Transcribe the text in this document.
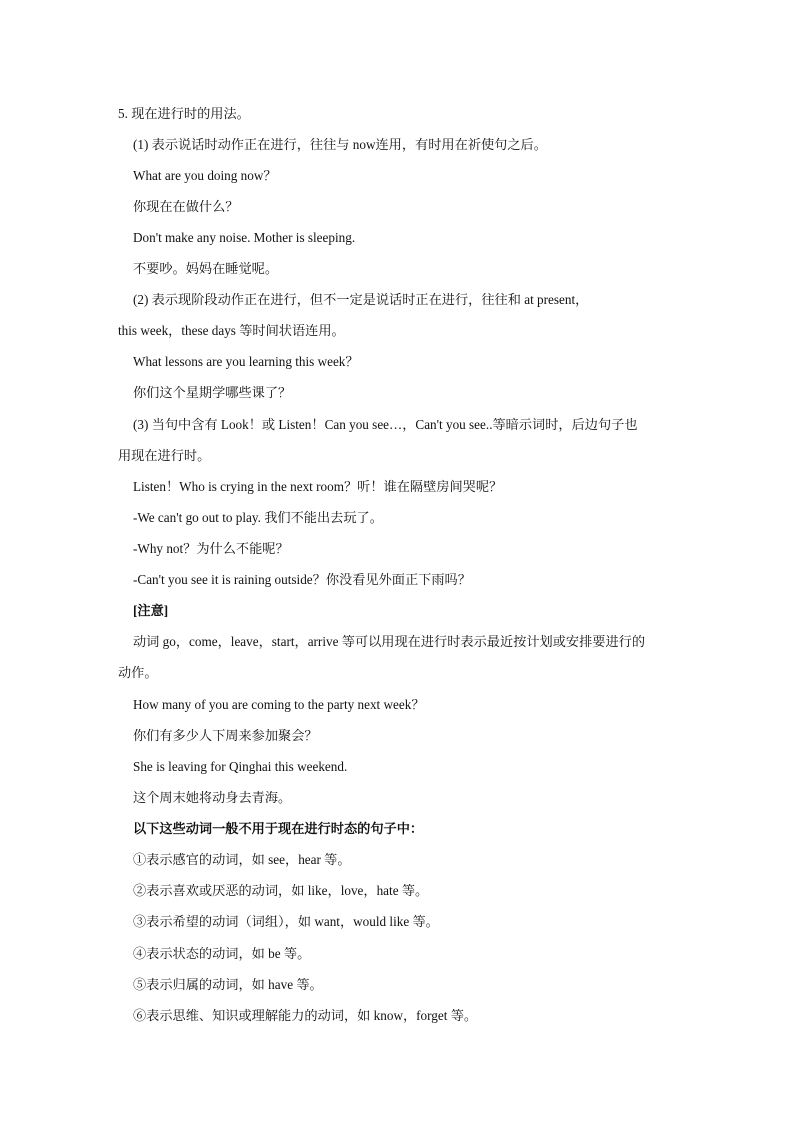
5. 现在进行时的用法。
(1) 表示说话时动作正在进行，往往与 now连用，有时用在祈使句之后。
What are you doing now？
你现在在做什么？
Don't make any noise. Mother is sleeping.
不要吵。妈妈在睡觉呢。
(2) 表示现阶段动作正在进行，但不一定是说话时正在进行，往往和 at present，
this week，these days 等时间状语连用。
What lessons are you learning this week？
你们这个星期学哪些课了？
(3) 当句中含有 Look！或 Listen！Can you see…，Can't you see..等暗示词时，后边句子也
用现在进行时。
Listen！Who is crying in the next room？听！谁在隔壁房间哭呢？
-We can't go out to play. 我们不能出去玩了。
-Why not？为什么不能呢？
-Can't you see it is raining outside？你没看见外面正下雨吗？
[注意]
动词 go，come，leave，start，arrive 等可以用现在进行时表示最近按计划或安排要进行的
动作。
How many of you are coming to the party next week？
你们有多少人下周来参加聚会？
She is leaving for Qinghai this weekend.
这个周末她将动身去青海。
以下这些动词一般不用于现在进行时态的句子中：
①表示感官的动词，如 see，hear 等。
②表示喜欢或厌恶的动词，如 like，love，hate 等。
③表示希望的动词（词组），如 want，would like 等。
④表示状态的动词，如 be 等。
⑤表示归属的动词，如 have 等。
⑥表示思维、知识或理解能力的动词，如 know，forget 等。
